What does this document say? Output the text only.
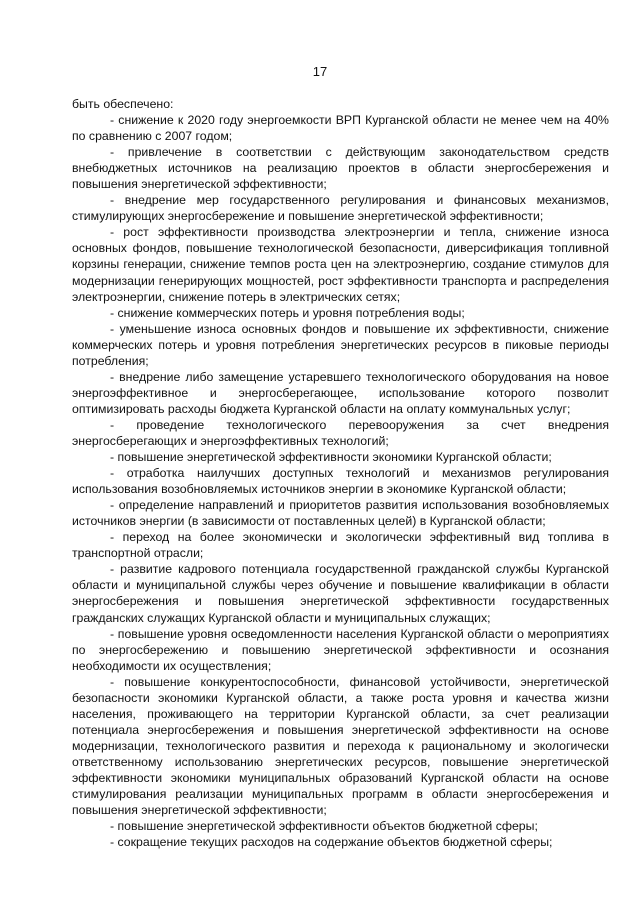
17

быть обеспечено:

- снижение к 2020 году энергоемкости ВРП Курганской области не менее чем на 40% по сравнению с 2007 годом;

- привлечение в соответствии с действующим законодательством средств внебюджетных источников на реализацию проектов в области энергосбережения и повышения энергетической эффективности;

- внедрение мер государственного регулирования и финансовых механизмов, стимулирующих энергосбережение и повышение энергетической эффективности;

- рост эффективности производства электроэнергии и тепла, снижение износа основных фондов, повышение технологической безопасности, диверсификация топливной корзины генерации, снижение темпов роста цен на электроэнергию, создание стимулов для модернизации генерирующих мощностей, рост эффективности транспорта и распределения электроэнергии, снижение потерь в электрических сетях;

- снижение коммерческих потерь и уровня потребления воды;

- уменьшение износа основных фондов и повышение их эффективности, снижение коммерческих потерь и уровня потребления энергетических ресурсов в пиковые периоды потребления;

- внедрение либо замещение устаревшего технологического оборудования на новое энергоэффективное и энергосберегающее, использование которого позволит оптимизировать расходы бюджета Курганской области на оплату коммунальных услуг;

- проведение технологического перевооружения за счет внедрения энергосберегающих и энергоэффективных технологий;

- повышение энергетической эффективности экономики Курганской области;

- отработка наилучших доступных технологий и механизмов регулирования использования возобновляемых источников энергии в экономике Курганской области;

- определение направлений и приоритетов развития использования возобновляемых источников энергии (в зависимости от поставленных целей) в Курганской области;

- переход на более экономически и экологически эффективный вид топлива в транспортной отрасли;

- развитие кадрового потенциала государственной гражданской службы Курганской области и муниципальной службы через обучение и повышение квалификации в области энергосбережения и повышения энергетической эффективности государственных гражданских служащих Курганской области и муниципальных служащих;

- повышение уровня осведомленности населения Курганской области о мероприятиях по энергосбережению и повышению энергетической эффективности и осознания необходимости их осуществления;

- повышение конкурентоспособности, финансовой устойчивости, энергетической безопасности экономики Курганской области, а также роста уровня и качества жизни населения, проживающего на территории Курганской области, за счет реализации потенциала энергосбережения и повышения энергетической эффективности на основе модернизации, технологического развития и перехода к рациональному и экологически ответственному использованию энергетических ресурсов, повышение энергетической эффективности экономики муниципальных образований Курганской области на основе стимулирования реализации муниципальных программ в области энергосбережения и повышения энергетической эффективности;

- повышение энергетической эффективности объектов бюджетной сферы;

- сокращение текущих расходов на содержание объектов бюджетной сферы;
